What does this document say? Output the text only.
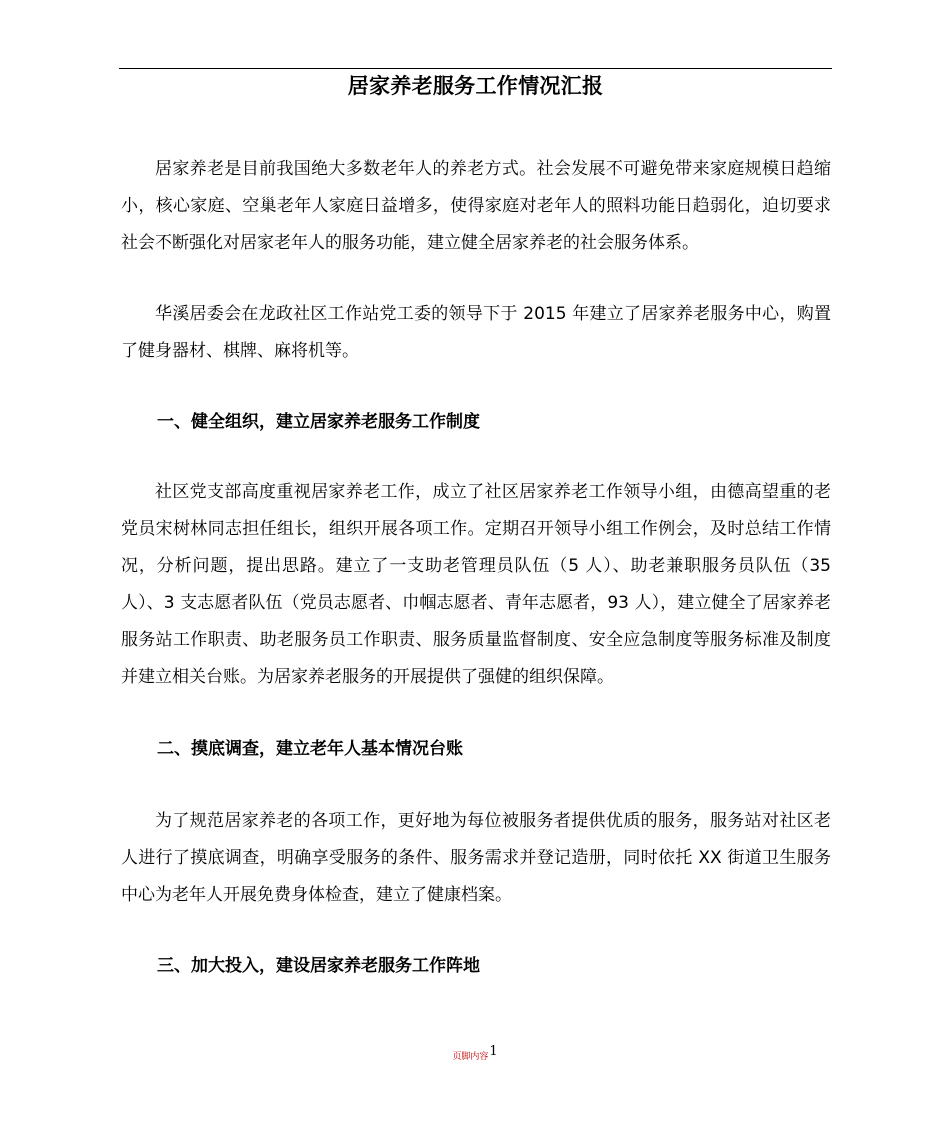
居家养老服务工作情况汇报

居家养老是目前我国绝大多数老年人的养老方式。社会发展不可避免带来家庭规模日趋缩小，核心家庭、空巢老年人家庭日益增多，使得家庭对老年人的照料功能日趋弱化，迫切要求社会不断强化对居家老年人的服务功能，建立健全居家养老的社会服务体系。

华溪居委会在龙政社区工作站党工委的领导下于 2015 年建立了居家养老服务中心，购置了健身器材、棋牌、麻将机等。

一、健全组织，建立居家养老服务工作制度

社区党支部高度重视居家养老工作，成立了社区居家养老工作领导小组，由德高望重的老党员宋树林同志担任组长，组织开展各项工作。定期召开领导小组工作例会，及时总结工作情况，分析问题，提出思路。建立了一支助老管理员队伍（5 人）、助老兼职服务员队伍（35 人）、3 支志愿者队伍（党员志愿者、巾帼志愿者、青年志愿者，93 人），建立健全了居家养老服务站工作职责、助老服务员工作职责、服务质量监督制度、安全应急制度等服务标准及制度并建立相关台账。为居家养老服务的开展提供了强健的组织保障。

二、摸底调查，建立老年人基本情况台账

为了规范居家养老的各项工作，更好地为每位被服务者提供优质的服务，服务站对社区老人进行了摸底调查，明确享受服务的条件、服务需求并登记造册，同时依托 XX 街道卫生服务中心为老年人开展免费身体检查，建立了健康档案。

三、加大投入，建设居家养老服务工作阵地
页脚内容$^1$
